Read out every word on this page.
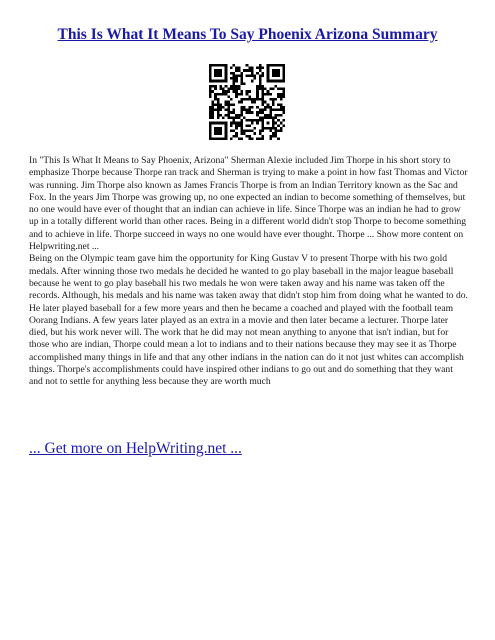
This Is What It Means To Say Phoenix Arizona Summary

In "This Is What It Means to Say Phoenix, Arizona" Sherman Alexie included Jim Thorpe in his short story to emphasize Thorpe because Thorpe ran track and Sherman is trying to make a point in how fast Thomas and Victor was running. Jim Thorpe also known as James Francis Thorpe is from an Indian Territory known as the Sac and Fox. In the years Jim Thorpe was growing up, no one expected an indian to become something of themselves, but no one would have ever of thought that an indian can achieve in life. Since Thorpe was an indian he had to grow up in a totally different world than other races. Being in a different world didn't stop Thorpe to become something and to achieve in life. Thorpe succeed in ways no one would have ever thought. Thorpe ... Show more content on Helpwriting.net ...

Being on the Olympic team gave him the opportunity for King Gustav V to present Thorpe with his two gold medals. After winning those two medals he decided he wanted to go play baseball in the major league baseball because he went to go play baseball his two medals he won were taken away and his name was taken off the records. Although, his medals and his name was taken away that didn't stop him from doing what he wanted to do. He later played baseball for a few more years and then he became a coached and played with the football team Oorang Indians. A few years later played as an extra in a movie and then later became a lecturer. Thorpe later died, but his work never will. The work that he did may not mean anything to anyone that isn't indian, but for those who are indian, Thorpe could mean a lot to indians and to their nations because they may see it as Thorpe accomplished many things in life and that any other indians in the nation can do it not just whites can accomplish things. Thorpe's accomplishments could have inspired other indians to go out and do something that they want and not to settle for anything less because they are worth much

... Get more on HelpWriting.net ...
